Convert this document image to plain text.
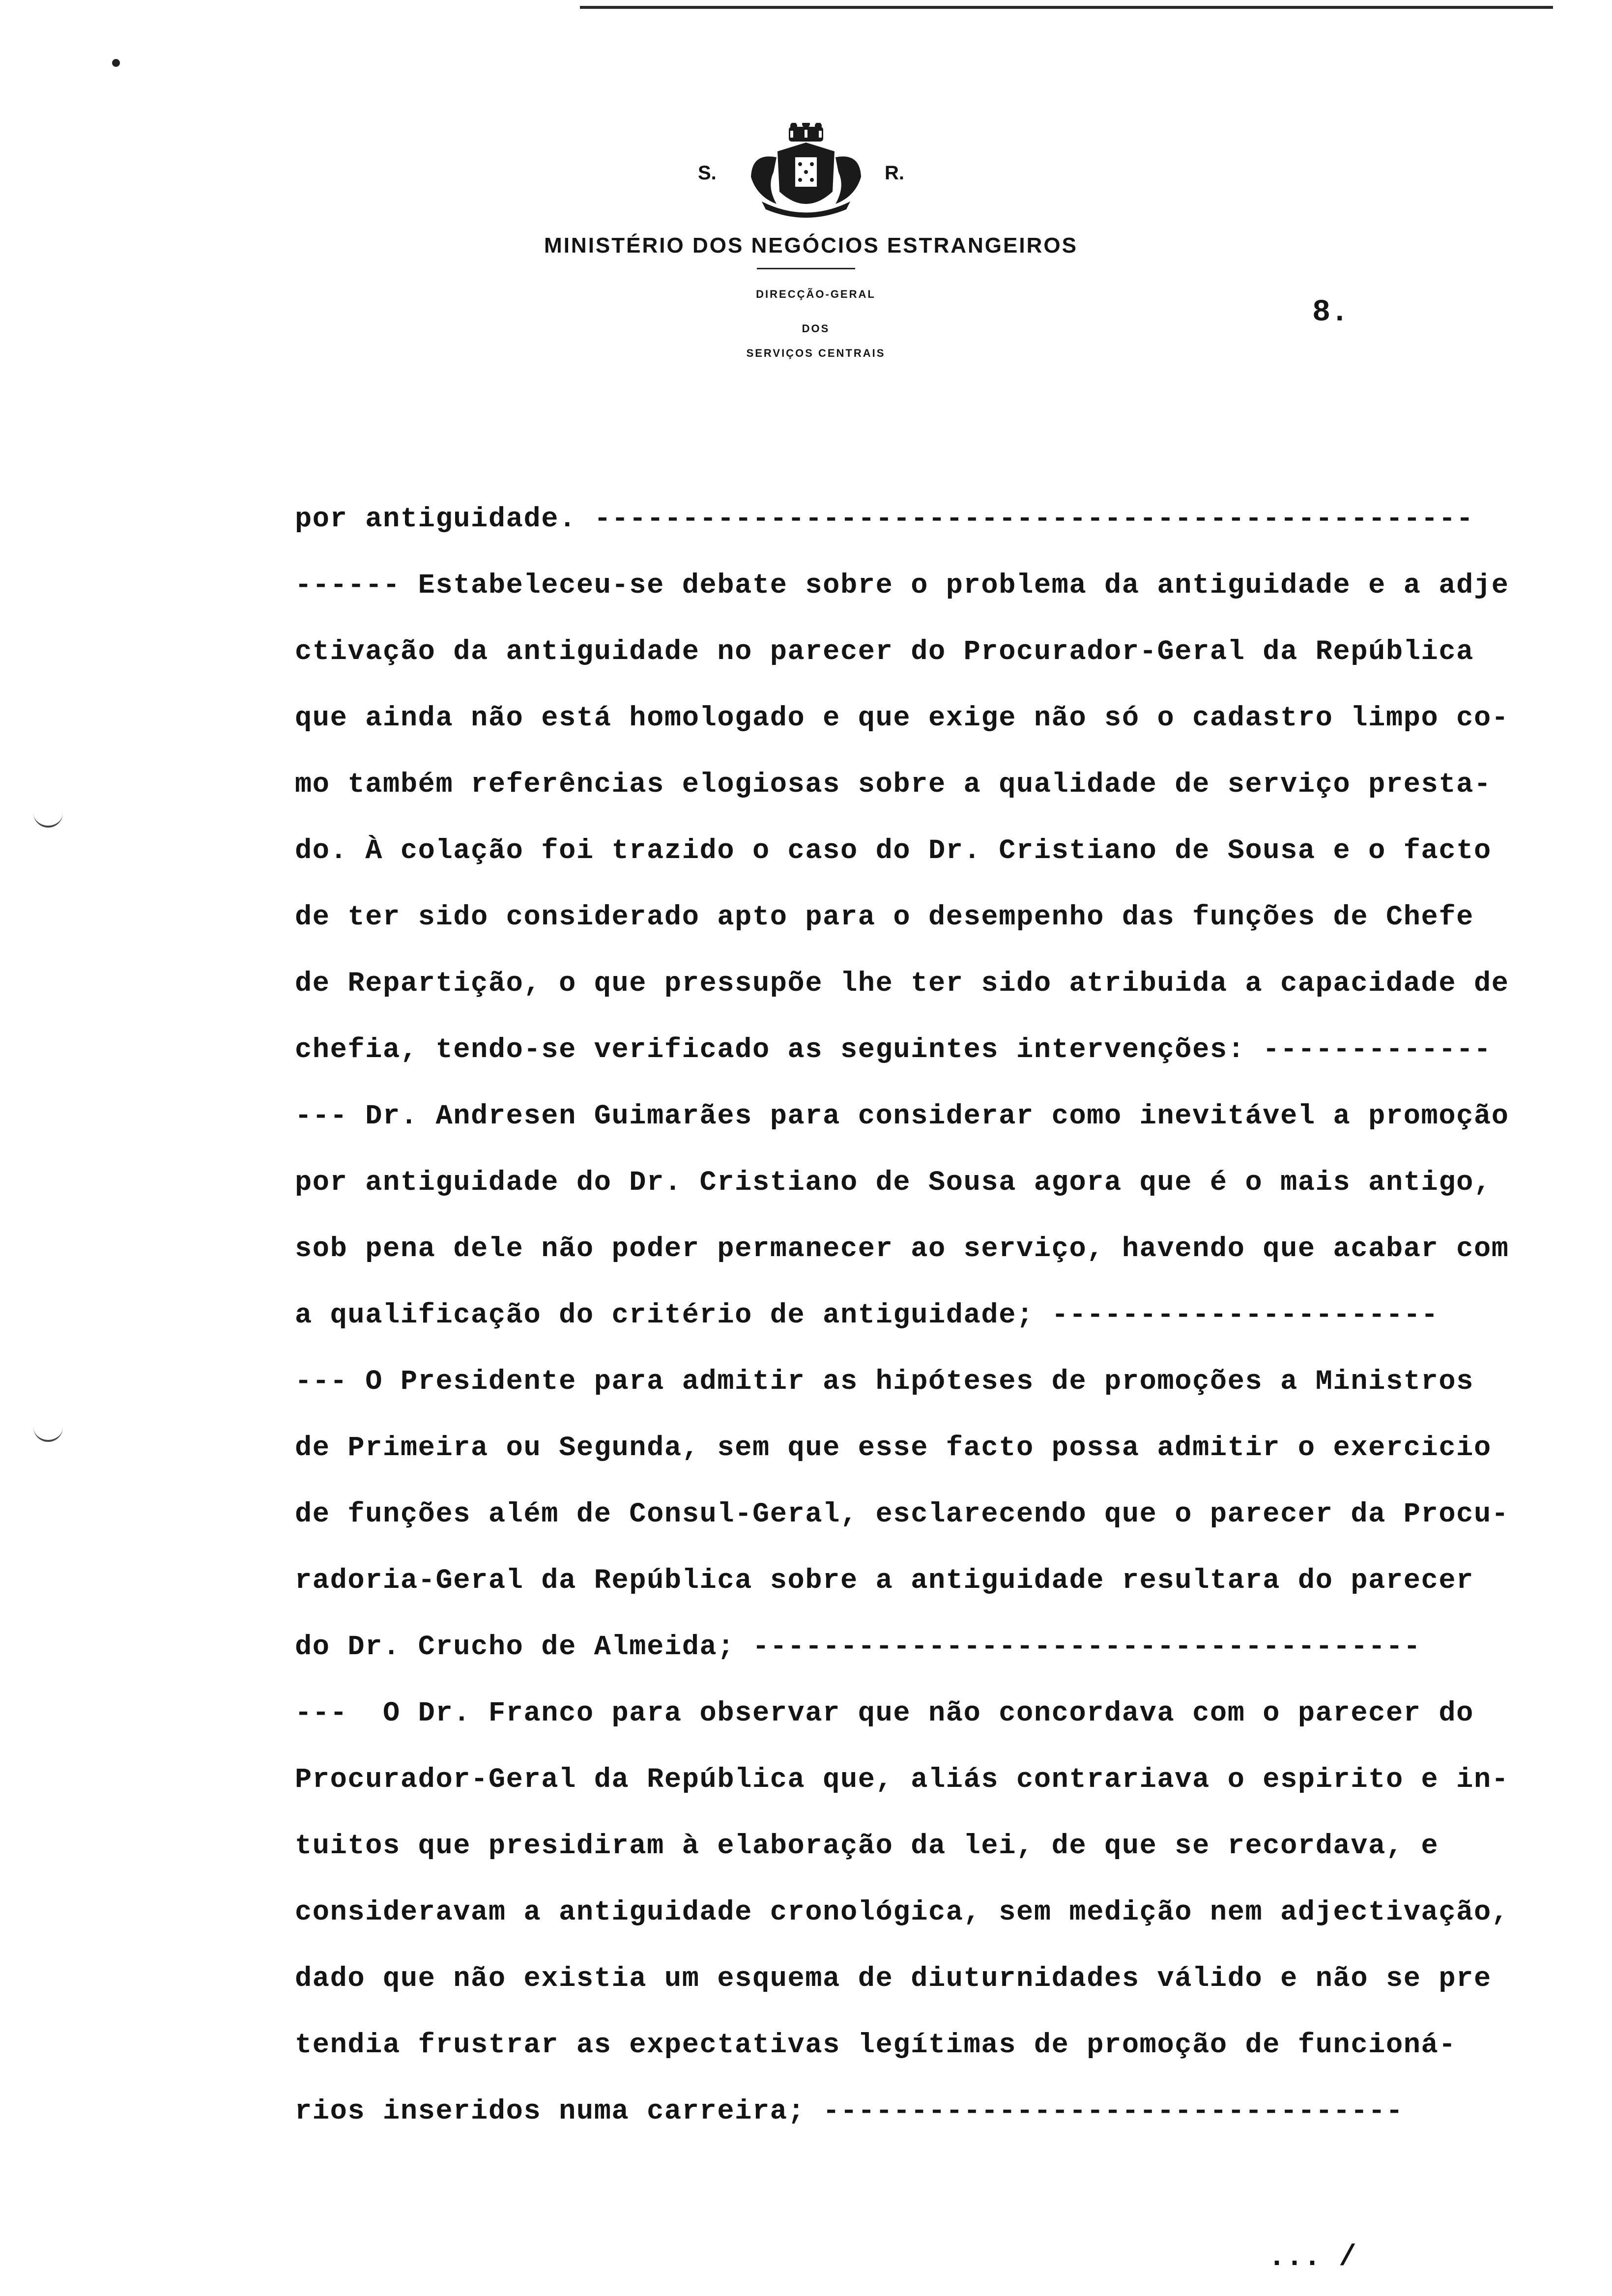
S.	R.
MINISTÉRIO DOS NEGÓCIOS ESTRANGEIROS
DIRECÇÃO-GERAL
DOS
SERVIÇOS CENTRAIS
8.
por antiguidade. --------------------------------------------------
------ Estabeleceu-se debate sobre o problema da antiguidade e a adje
ctivação da antiguidade no parecer do Procurador-Geral da República
que ainda não está homologado e que exige não só o cadastro limpo co-
mo também referências elogiosas sobre a qualidade de serviço presta-
do. À colação foi trazido o caso do Dr. Cristiano de Sousa e o facto
de ter sido considerado apto para o desempenho das funções de Chefe
de Repartição, o que pressupõe lhe ter sido atribuida a capacidade de
chefia, tendo-se verificado as seguintes intervenções: -------------
--- Dr. Andresen Guimarães para considerar como inevitável a promoção
por antiguidade do Dr. Cristiano de Sousa agora que é o mais antigo,
sob pena dele não poder permanecer ao serviço, havendo que acabar com
a qualificação do critério de antiguidade; ----------------------
--- O Presidente para admitir as hipóteses de promoções a Ministros
de Primeira ou Segunda, sem que esse facto possa admitir o exercicio
de funções além de Consul-Geral, esclarecendo que o parecer da Procu-
radoria-Geral da República sobre a antiguidade resultara do parecer
do Dr. Crucho de Almeida; --------------------------------------
---  O Dr. Franco para observar que não concordava com o parecer do
Procurador-Geral da República que, aliás contrariava o espirito e in-
tuitos que presidiram à elaboração da lei, de que se recordava, e
consideravam a antiguidade cronológica, sem medição nem adjectivação,
dado que não existia um esquema de diuturnidades válido e não se pre
tendia frustrar as expectativas legítimas de promoção de funcioná-
rios inseridos numa carreira; ---------------------------------
... /
